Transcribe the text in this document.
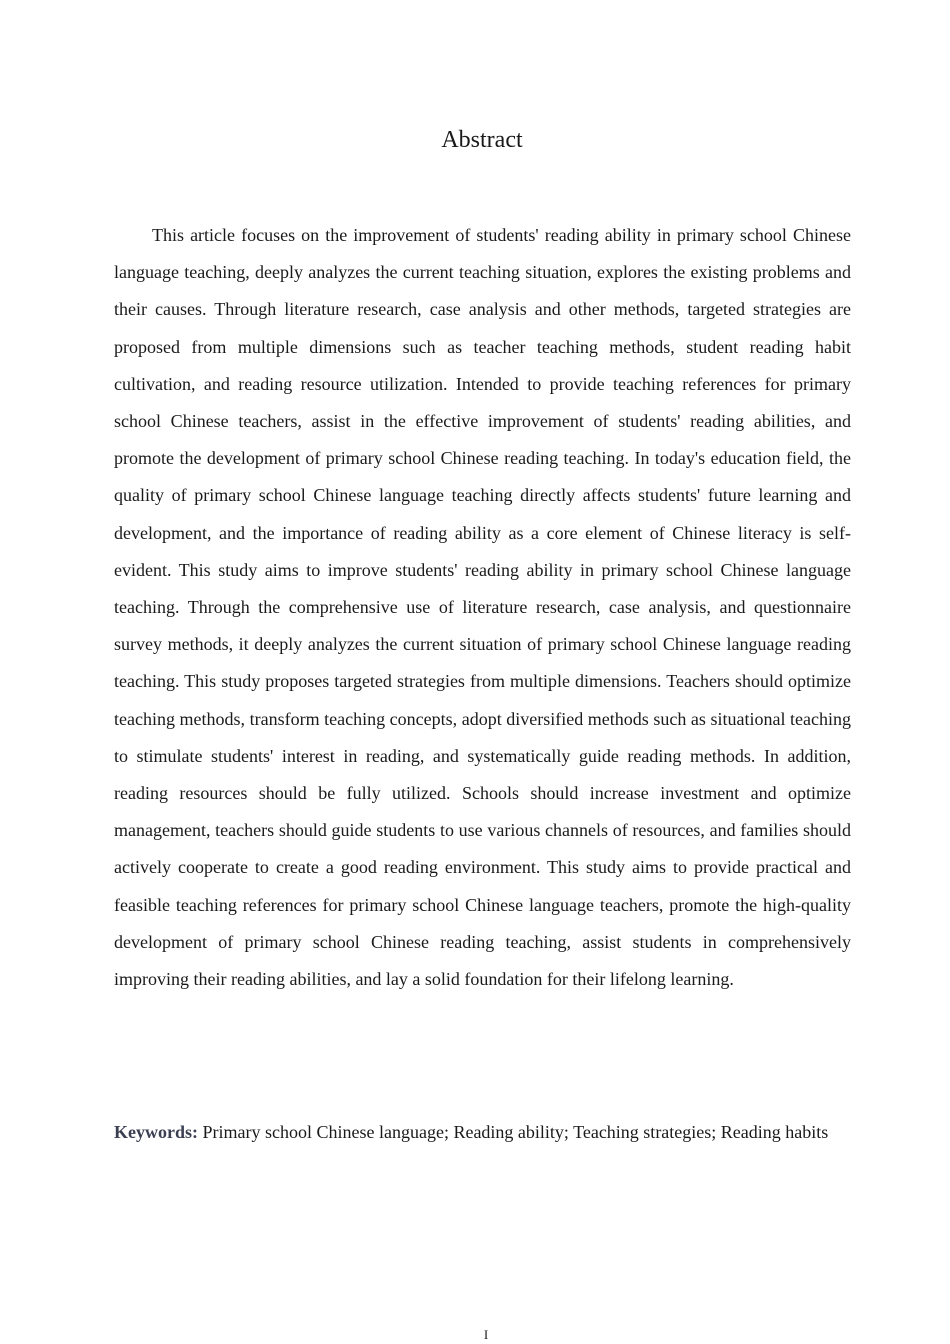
Abstract

This article focuses on the improvement of students' reading ability in primary school Chinese language teaching, deeply analyzes the current teaching situation, explores the existing problems and their causes. Through literature research, case analysis and other methods, targeted strategies are proposed from multiple dimensions such as teacher teaching methods, student reading habit cultivation, and reading resource utilization. Intended to provide teaching references for primary school Chinese teachers, assist in the effective improvement of students' reading abilities, and promote the development of primary school Chinese reading teaching. In today's education field, the quality of primary school Chinese language teaching directly affects students' future learning and development, and the importance of reading ability as a core element of Chinese literacy is self-evident. This study aims to improve students' reading ability in primary school Chinese language teaching. Through the comprehensive use of literature research, case analysis, and questionnaire survey methods, it deeply analyzes the current situation of primary school Chinese language reading teaching. This study proposes targeted strategies from multiple dimensions. Teachers should optimize teaching methods, transform teaching concepts, adopt diversified methods such as situational teaching to stimulate students' interest in reading, and systematically guide reading methods. In addition, reading resources should be fully utilized. Schools should increase investment and optimize management, teachers should guide students to use various channels of resources, and families should actively cooperate to create a good reading environment. This study aims to provide practical and feasible teaching references for primary school Chinese language teachers, promote the high-quality development of primary school Chinese reading teaching, assist students in comprehensively improving their reading abilities, and lay a solid foundation for their lifelong learning.

Keywords: Primary school Chinese language; Reading ability; Teaching strategies; Reading habits

I
